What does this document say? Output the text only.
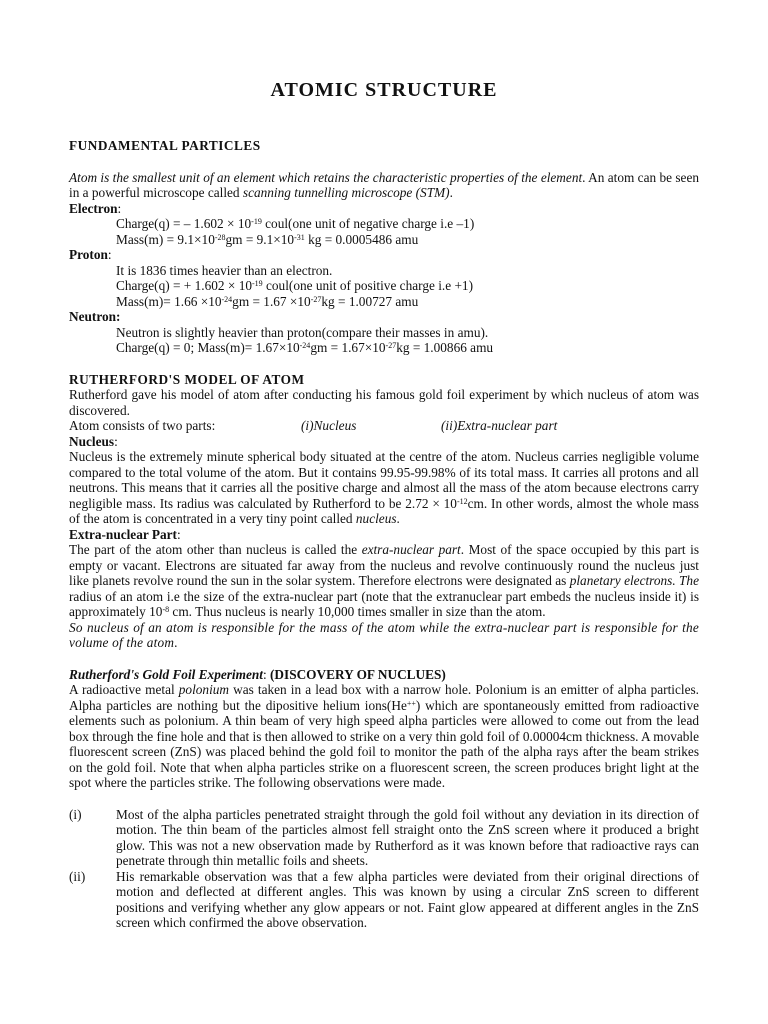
ATOMIC STRUCTURE

FUNDAMENTAL PARTICLES

Atom is the smallest unit of an element which retains the characteristic properties of the element. An atom can be seen in a powerful microscope called scanning tunnelling microscope (STM).

Electron:

Charge(q) = – $1.602 \times 10^{-19}$ coul(one unit of negative charge i.e –1)

Mass(m) = $9.1\times 10^{-28}gm = 9.1\times 10^{-31}$ kg = 0.0005486 amu

Proton:

It is 1836 times heavier than an electron.

Charge(q) = + $1.602 \times 10^{-19}$ coul(one unit of positive charge i.e +1)

Mass(m)= $1.66 \times 10^{-24}gm = 1.67 \times 10^{-27}kg = 1.00727$ amu

Neutron:

Neutron is slightly heavier than proton(compare their masses in amu).

Charge(q) = 0; Mass(m)= $1.67\times 10^{-24}gm = 1.67\times 10^{-27}kg = 1.00866$ amu

RUTHERFORD'S MODEL OF ATOM

Rutherford gave his model of atom after conducting his famous gold foil experiment by which nucleus of atom was discovered.

Atom consists of two parts:	(i)Nucleus	(ii)Extra-nuclear part

Nucleus:

Nucleus is the extremely minute spherical body situated at the centre of the atom. Nucleus carries negligible volume compared to the total volume of the atom. But it contains 99.95-99.98% of its total mass. It carries all protons and all neutrons. This means that it carries all the positive charge and almost all the mass of the atom because electrons carry negligible mass. Its radius was calculated by Rutherford to be $2.72 \times 10^{-12}cm$. In other words, almost the whole mass of the atom is concentrated in a very tiny point called nucleus.

Extra-nuclear Part:

The part of the atom other than nucleus is called the extra-nuclear part. Most of the space occupied by this part is empty or vacant. Electrons are situated far away from the nucleus and revolve continuously round the nucleus just like planets revolve round the sun in the solar system. Therefore electrons were designated as planetary electrons. The radius of an atom i.e the size of the extra-nuclear part (note that the extranuclear part embeds the nucleus inside it) is approximately $10^{-8}$ cm. Thus nucleus is nearly 10,000 times smaller in size than the atom.

So nucleus of an atom is responsible for the mass of the atom while the extra-nuclear part is responsible for the volume of the atom.

Rutherford's Gold Foil Experiment: (DISCOVERY OF NUCLUES)

A radioactive metal polonium was taken in a lead box with a narrow hole. Polonium is an emitter of alpha particles. Alpha particles are nothing but the dipositive helium ions(He++) which are spontaneously emitted from radioactive elements such as polonium. A thin beam of very high speed alpha particles were allowed to come out from the lead box through the fine hole and that is then allowed to strike on a very thin gold foil of 0.00004cm thickness. A movable fluorescent screen (ZnS) was placed behind the gold foil to monitor the path of the alpha rays after the beam strikes on the gold foil. Note that when alpha particles strike on a fluorescent screen, the screen produces bright light at the spot where the particles strike. The following observations were made.

(i)	Most of the alpha particles penetrated straight through the gold foil without any deviation in its direction of motion. The thin beam of the particles almost fell straight onto the ZnS screen where it produced a bright glow. This was not a new observation made by Rutherford as it was known before that radioactive rays can penetrate through thin metallic foils and sheets.
(ii)	His remarkable observation was that a few alpha particles were deviated from their original directions of motion and deflected at different angles. This was known by using a circular ZnS screen to different positions and verifying whether any glow appears or not. Faint glow appeared at different angles in the ZnS screen which confirmed the above observation.
